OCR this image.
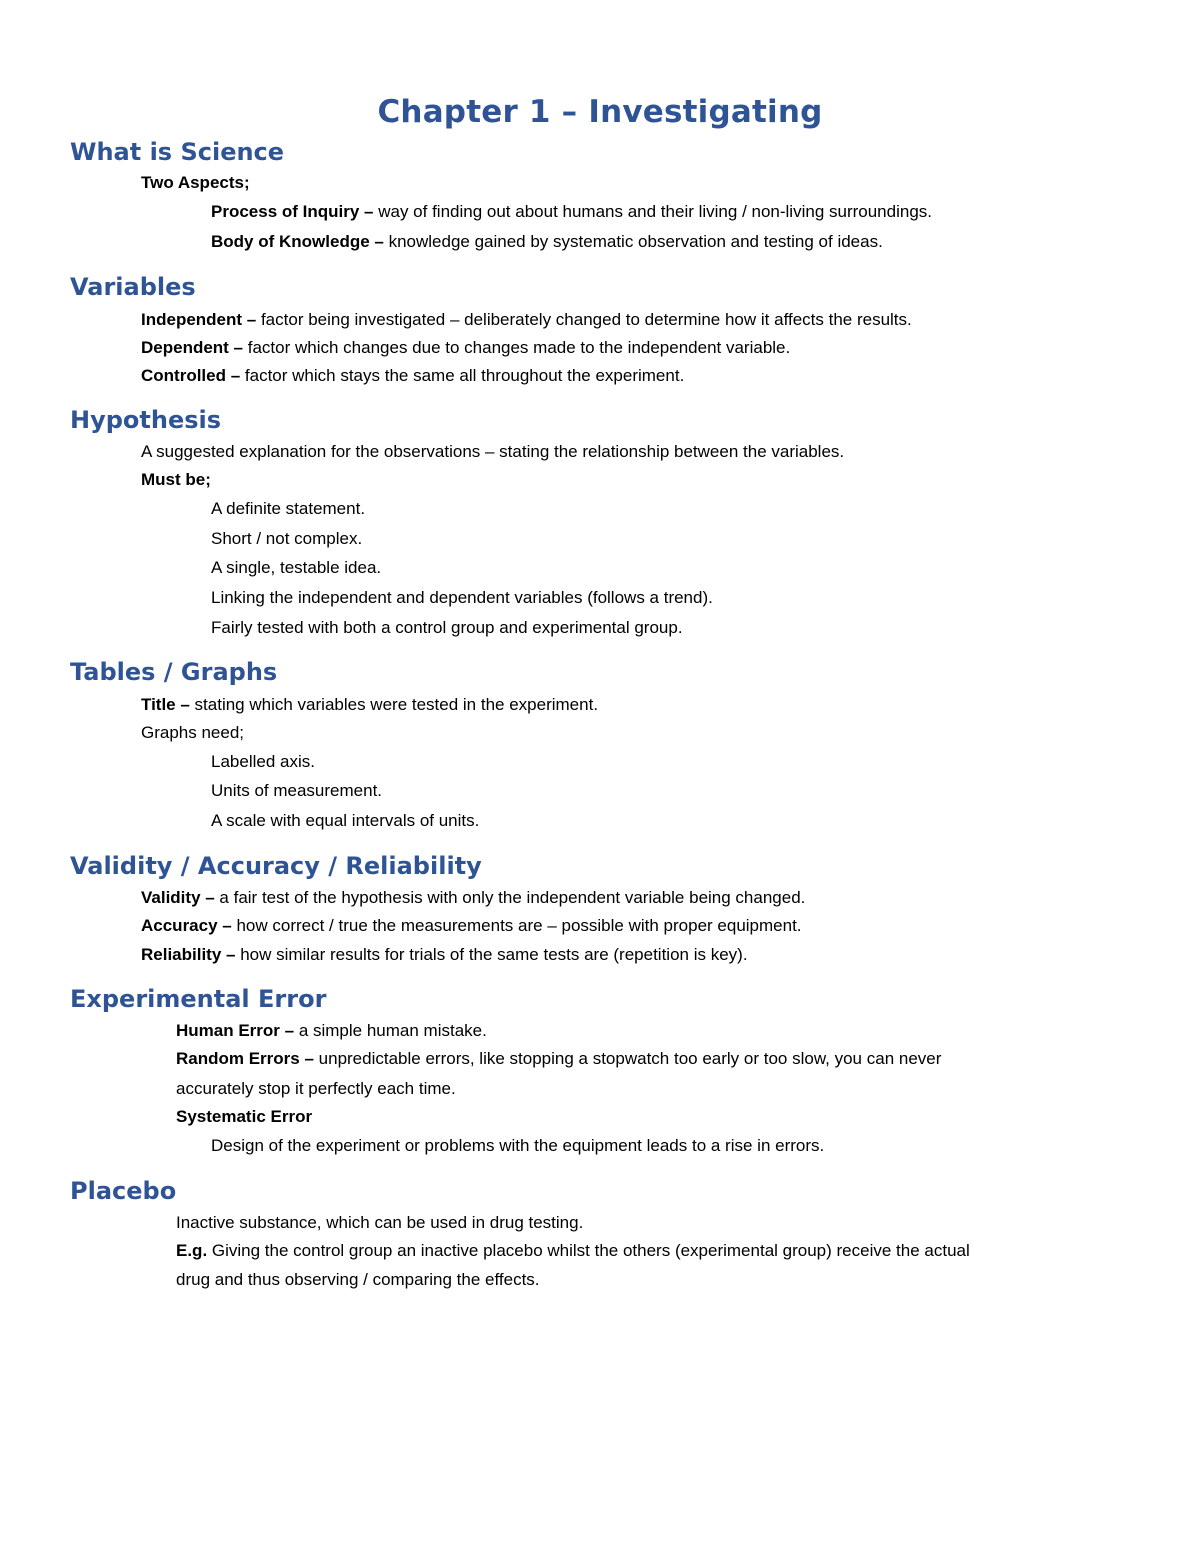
Chapter 1 – Investigating
What is Science

Two Aspects;

Process of Inquiry – way of finding out about humans and their living / non-living surroundings.

Body of Knowledge – knowledge gained by systematic observation and testing of ideas.

Variables

Independent – factor being investigated – deliberately changed to determine how it affects the results.

Dependent – factor which changes due to changes made to the independent variable.

Controlled – factor which stays the same all throughout the experiment.

Hypothesis

A suggested explanation for the observations – stating the relationship between the variables.

Must be;

A definite statement.

Short / not complex.

A single, testable idea.

Linking the independent and dependent variables (follows a trend).

Fairly tested with both a control group and experimental group.

Tables / Graphs

Title – stating which variables were tested in the experiment.

Graphs need;

Labelled axis.

Units of measurement.

A scale with equal intervals of units.

Validity / Accuracy / Reliability

Validity – a fair test of the hypothesis with only the independent variable being changed.

Accuracy – how correct / true the measurements are – possible with proper equipment.

Reliability – how similar results for trials of the same tests are (repetition is key).

Experimental Error

Human Error – a simple human mistake.

Random Errors – unpredictable errors, like stopping a stopwatch too early or too slow, you can never

accurately stop it perfectly each time.

Systematic Error

Design of the experiment or problems with the equipment leads to a rise in errors.

Placebo

Inactive substance, which can be used in drug testing.

E.g. Giving the control group an inactive placebo whilst the others (experimental group) receive the actual

drug and thus observing / comparing the effects.
